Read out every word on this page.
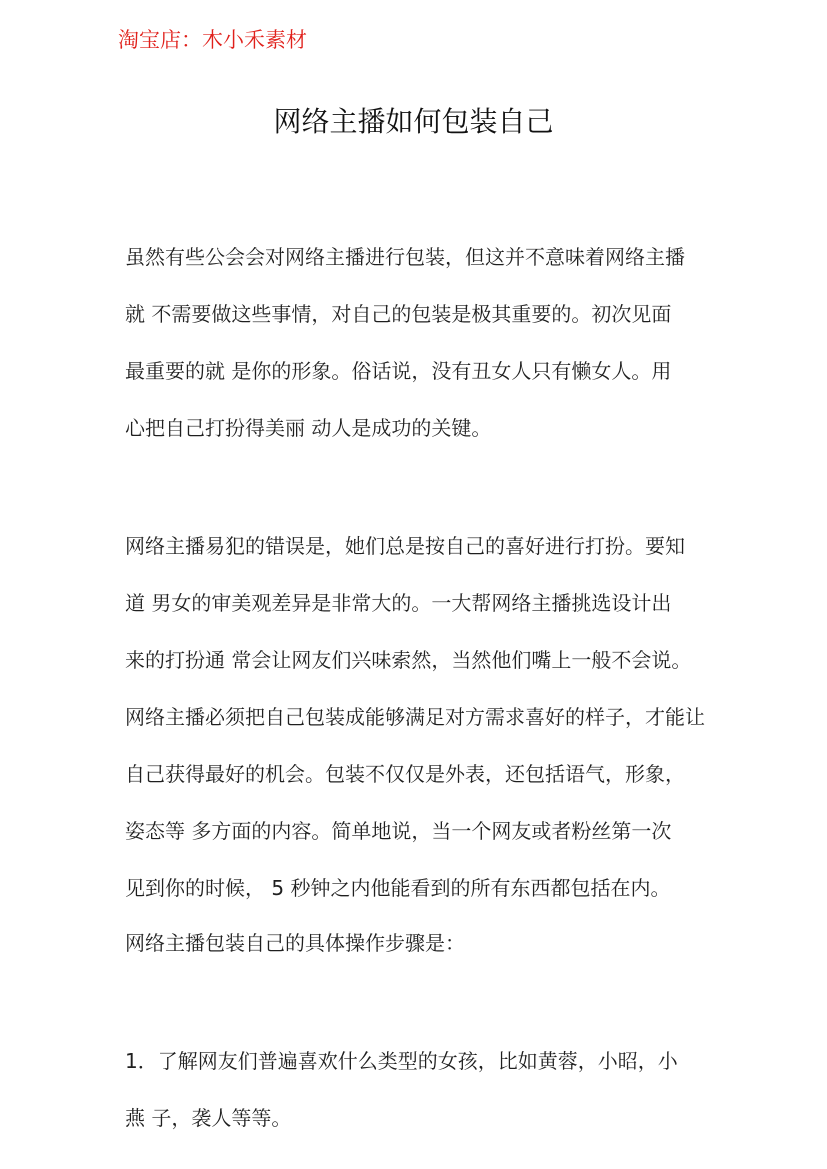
淘宝店：木小禾素材
网络主播如何包装自己
虽然有些公会会对网络主播进行包装，但这并不意味着网络主播
就 不需要做这些事情，对自己的包装是极其重要的。初次见面
最重要的就 是你的形象。俗话说，没有丑女人只有懒女人。用
心把自己打扮得美丽 动人是成功的关键。
网络主播易犯的错误是，她们总是按自己的喜好进行打扮。要知
道 男女的审美观差异是非常大的。一大帮网络主播挑选设计出
来的打扮通 常会让网友们兴味索然，当然他们嘴上一般不会说。
网络主播必须把自己包装成能够满足对方需求喜好的样子，才能让
自己获得最好的机会。包装不仅仅是外表，还包括语气，形象，
姿态等 多方面的内容。简单地说，当一个网友或者粉丝第一次
见到你的时候， 5 秒钟之内他能看到的所有东西都包括在内。
网络主播包装自己的具体操作步骤是：
1．了解网友们普遍喜欢什么类型的女孩，比如黄蓉，小昭，小
燕 子，袭人等等。
